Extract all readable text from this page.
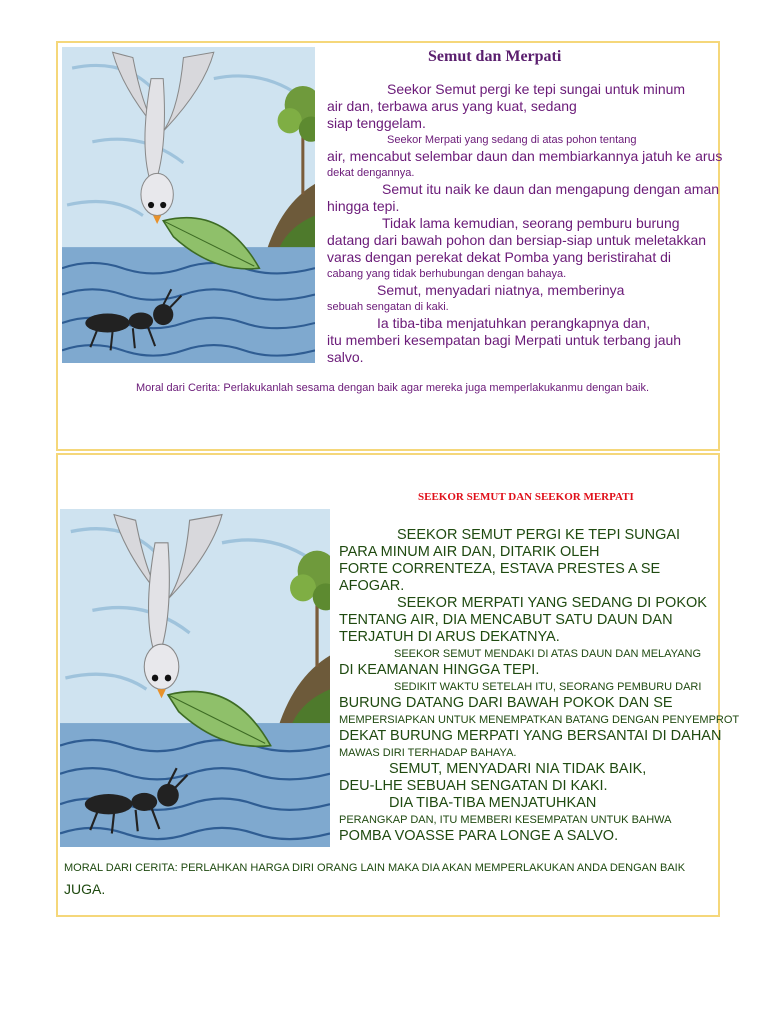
Semut dan Merpati
Seekor Semut pergi ke tepi sungai untuk minum
air dan, terbawa arus yang kuat, sedang
siap tenggelam.
Seekor Merpati yang sedang di atas pohon tentang
air, mencabut selembar daun dan membiarkannya jatuh ke arus
dekat dengannya.
Semut itu naik ke daun dan mengapung dengan aman
hingga tepi.
Tidak lama kemudian, seorang pemburu burung
datang dari bawah pohon dan bersiap-siap untuk meletakkan
varas dengan perekat dekat Pomba yang beristirahat di
cabang yang tidak berhubungan dengan bahaya.
Semut, menyadari niatnya, memberinya
sebuah sengatan di kaki.
Ia tiba-tiba menjatuhkan perangkapnya dan,
itu memberi kesempatan bagi Merpati untuk terbang jauh
salvo.
Moral dari Cerita: Perlakukanlah sesama dengan baik agar mereka juga memperlakukanmu dengan baik.
SEEKOR SEMUT DAN SEEKOR MERPATI
SEEKOR SEMUT PERGI KE TEPI SUNGAI
PARA MINUM AIR DAN, DITARIK OLEH
FORTE CORRENTEZA, ESTAVA PRESTES A SE
AFOGAR.
SEEKOR MERPATI YANG SEDANG DI POKOK
TENTANG AIR, DIA MENCABUT SATU DAUN DAN
TERJATUH DI ARUS DEKATNYA.
SEEKOR SEMUT MENDAKI DI ATAS DAUN DAN MELAYANG
DI KEAMANAN HINGGA TEPI.
SEDIKIT WAKTU SETELAH ITU, SEORANG PEMBURU DARI
BURUNG DATANG DARI BAWAH POKOK DAN SE
MEMPERSIAPKAN UNTUK MENEMPATKAN BATANG DENGAN PENYEMPROT
DEKAT BURUNG MERPATI YANG BERSANTAI DI DAHAN
MAWAS DIRI TERHADAP BAHAYA.
SEMUT, MENYADARI NIA TIDAK BAIK,
DEU-LHE SEBUAH SENGATAN DI KAKI.
DIA TIBA-TIBA MENJATUHKAN
PERANGKAP DAN, ITU MEMBERI KESEMPATAN UNTUK BAHWA
POMBA VOASSE PARA LONGE A SALVO.
MORAL DARI CERITA: PERLAHKAN HARGA DIRI ORANG LAIN MAKA DIA AKAN MEMPERLAKUKAN ANDA DENGAN BAIK
JUGA.
